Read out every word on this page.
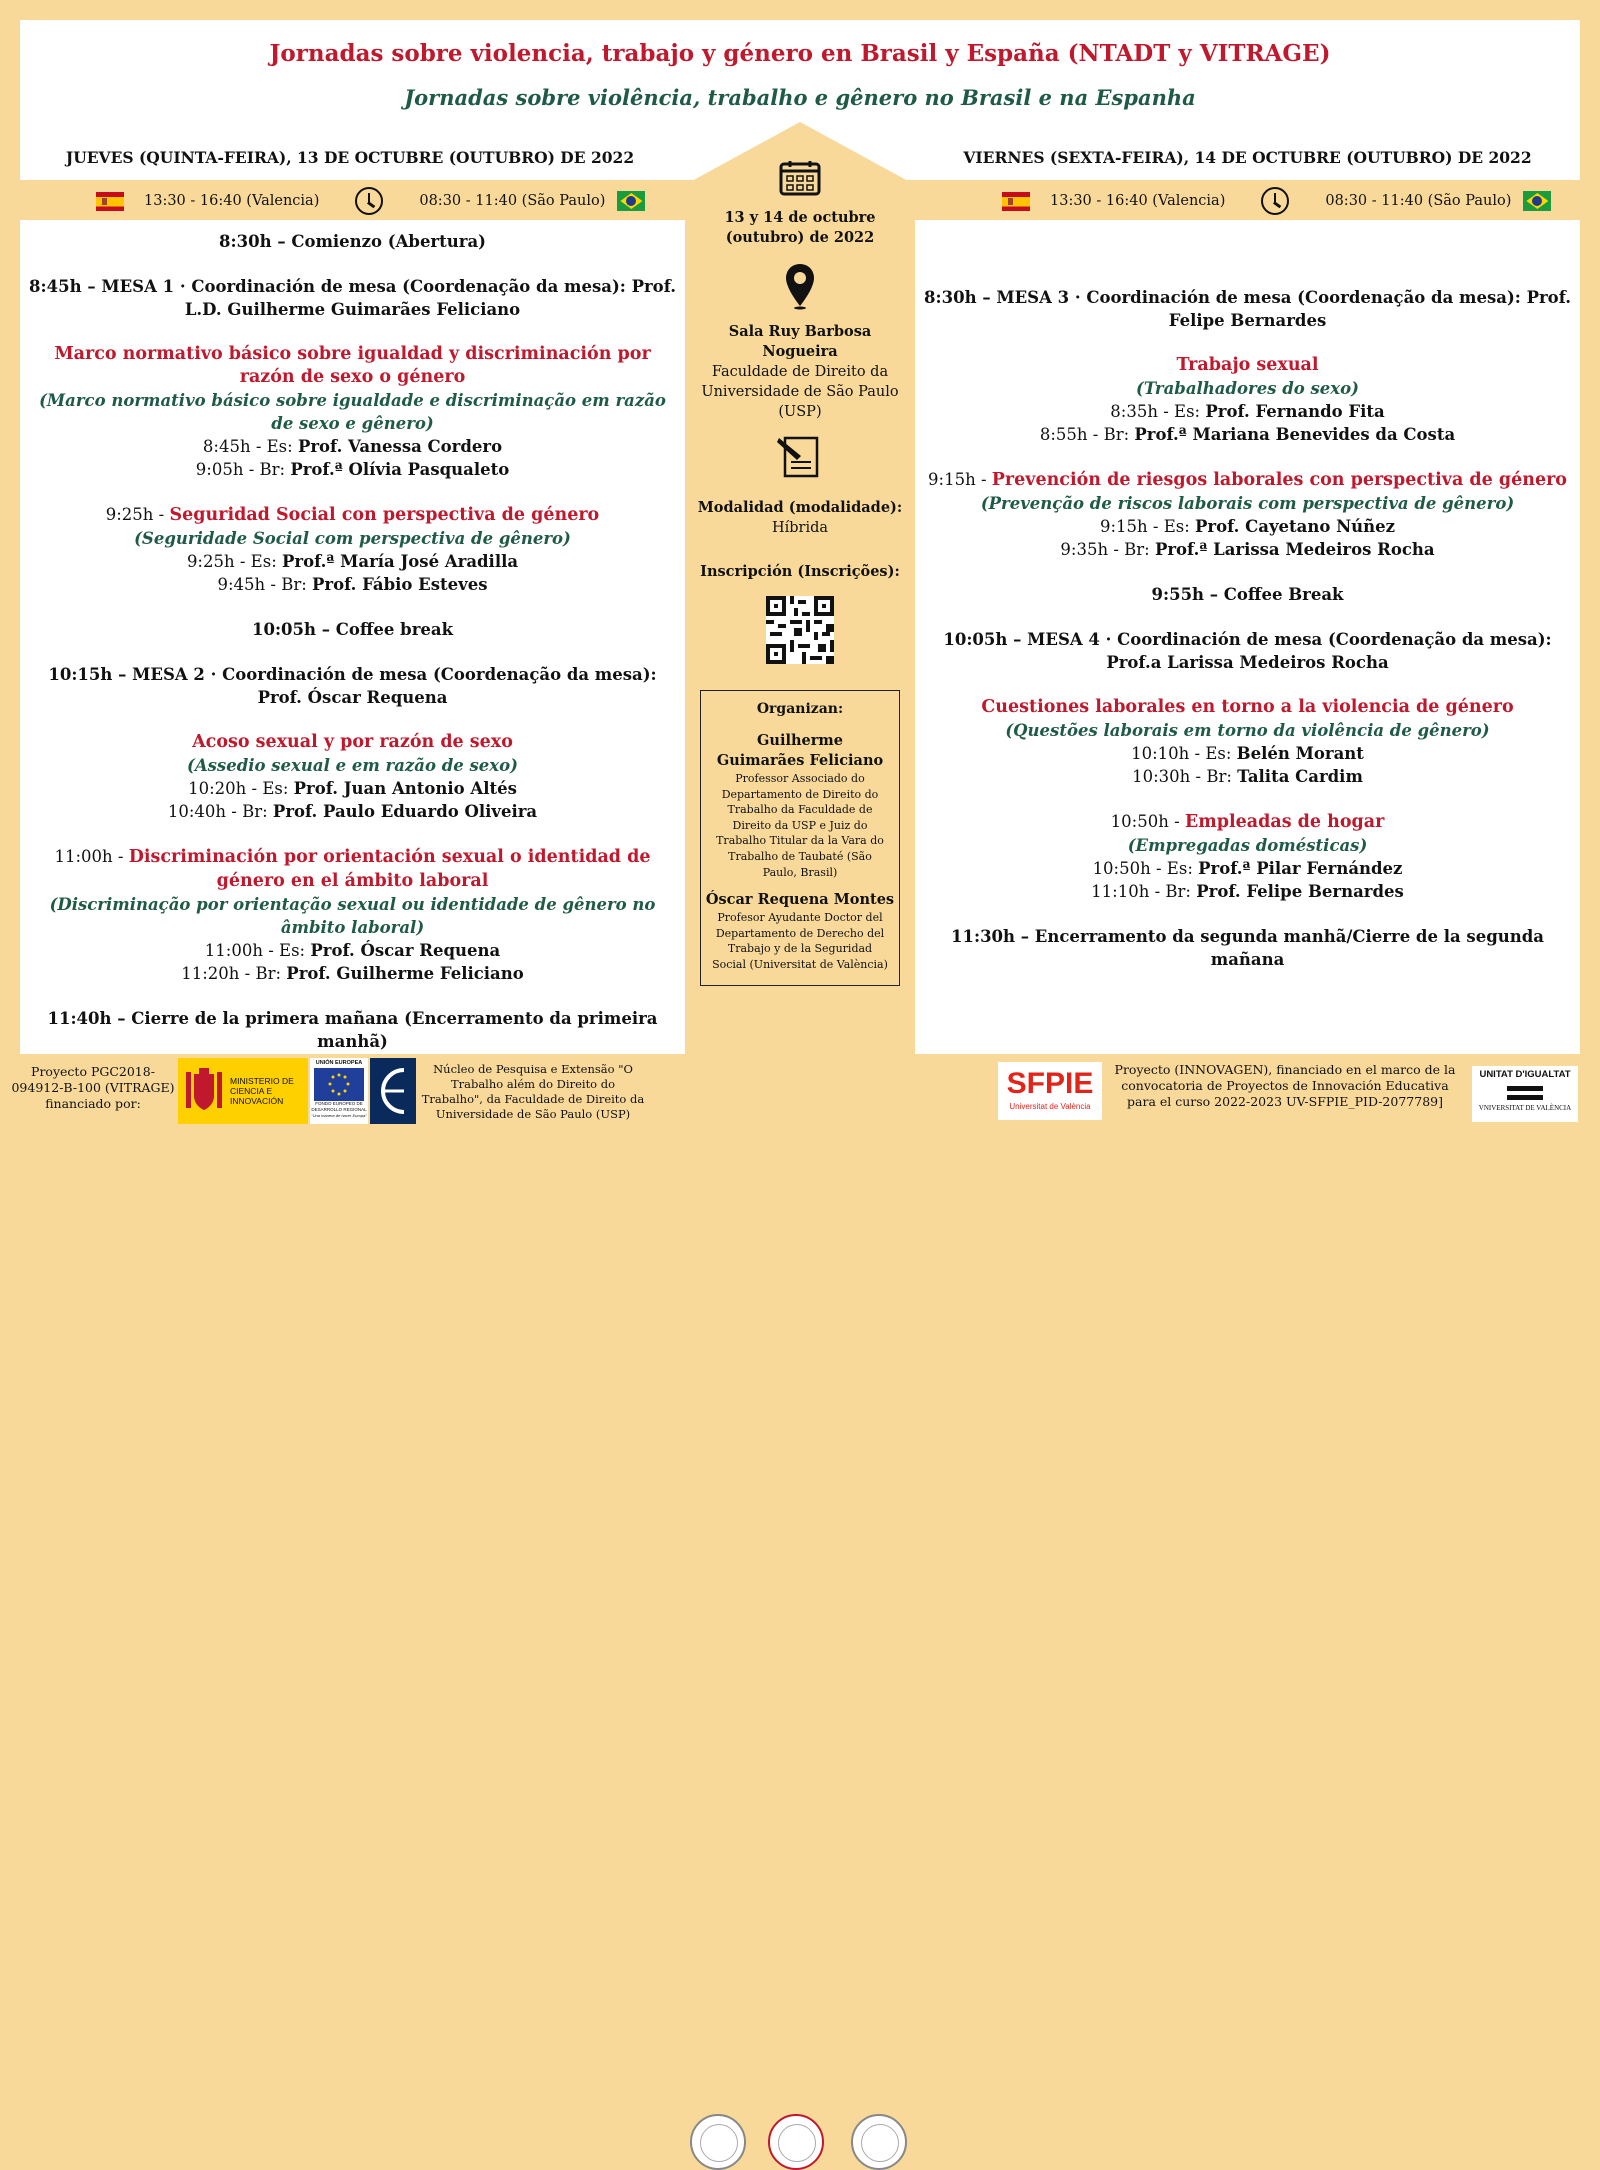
Jornadas sobre violencia, trabajo y género en Brasil y España (NTADT y VITRAGE)
Jornadas sobre violência, trabalho e gênero no Brasil e na Espanha
JUEVES (QUINTA-FEIRA), 13 DE OCTUBRE (OUTUBRO) DE 2022	VIERNES (SEXTA-FEIRA), 14 DE OCTUBRE (OUTUBRO) DE 2022
13:30 - 16:40 (Valencia)	08:30 - 11:40 (São Paulo)	13:30 - 16:40 (Valencia)	08:30 - 11:40 (São Paulo)
8:30h – Comienzo (Abertura)
8:45h – MESA 1 · Coordinación de mesa (Coordenação da mesa): Prof. L.D. Guilherme Guimarães Feliciano
Marco normativo básico sobre igualdad y discriminación por razón de sexo o género
(Marco normativo básico sobre igualdade e discriminação em razão de sexo e gênero)
8:45h - Es: Prof. Vanessa Cordero
9:05h - Br: Prof.ª Olívia Pasqualeto
9:25h - Seguridad Social con perspectiva de género
(Seguridade Social com perspectiva de gênero)
9:25h - Es: Prof.ª María José Aradilla
9:45h - Br: Prof. Fábio Esteves
10:05h – Coffee break
10:15h – MESA 2 · Coordinación de mesa (Coordenação da mesa): Prof. Óscar Requena
Acoso sexual y por razón de sexo
(Assedio sexual e em razão de sexo)
10:20h - Es: Prof. Juan Antonio Altés
10:40h - Br: Prof. Paulo Eduardo Oliveira
11:00h - Discriminación por orientación sexual o identidad de género en el ámbito laboral
(Discriminação por orientação sexual ou identidade de gênero no âmbito laboral)
11:00h - Es: Prof. Óscar Requena
11:20h - Br: Prof. Guilherme Feliciano
11:40h – Cierre de la primera mañana (Encerramento da primeira manhã)
8:30h – MESA 3 · Coordinación de mesa (Coordenação da mesa): Prof. Felipe Bernardes
Trabajo sexual
(Trabalhadores do sexo)
8:35h - Es: Prof. Fernando Fita
8:55h - Br: Prof.ª Mariana Benevides da Costa
9:15h - Prevención de riesgos laborales con perspectiva de género
(Prevenção de riscos laborais com perspectiva de gênero)
9:15h - Es: Prof. Cayetano Núñez
9:35h - Br: Prof.ª Larissa Medeiros Rocha
9:55h – Coffee Break
10:05h – MESA 4 · Coordinación de mesa (Coordenação da mesa): Prof.a Larissa Medeiros Rocha
Cuestiones laborales en torno a la violencia de género
(Questões laborais em torno da violência de gênero)
10:10h - Es: Belén Morant
10:30h - Br: Talita Cardim
10:50h - Empleadas de hogar
(Empregadas domésticas)
10:50h - Es: Prof.ª Pilar Fernández
11:10h - Br: Prof. Felipe Bernardes
11:30h – Encerramento da segunda manhã/Cierre de la segunda mañana
13 y 14 de octubre (outubro) de 2022
Sala Ruy Barbosa Nogueira
Faculdade de Direito da Universidade de São Paulo (USP)
Modalidad (modalidade):
Híbrida
Inscripción (Inscrições):
Organizan:
Guilherme Guimarães Feliciano
Professor Associado do Departamento de Direito do Trabalho da Faculdade de Direito da USP e Juiz do Trabalho Titular da la Vara do Trabalho de Taubaté (São Paulo, Brasil)
Óscar Requena Montes
Profesor Ayudante Doctor del Departamento de Derecho del Trabajo y de la Seguridad Social (Universitat de València)
Proyecto PGC2018-094912-B-100 (VITRAGE) financiado por:
MINISTERIO DE CIENCIA E INNOVACIÓN
UNIÓN EUROPEA
FONDO EUROPEO DE DESARROLLO REGIONAL
"Una manera de hacer Europa"
Núcleo de Pesquisa e Extensão "O Trabalho além do Direito do Trabalho", da Faculdade de Direito da Universidade de São Paulo (USP)
SFPIE
Universitat de València
Proyecto (INNOVAGEN), financiado en el marco de la convocatoria de Proyectos de Innovación Educativa para el curso 2022-2023 UV-SFPIE_PID-2077789]
UNITAT D'IGUALTAT
VNIVERSITAT DE VALÈNCIA
